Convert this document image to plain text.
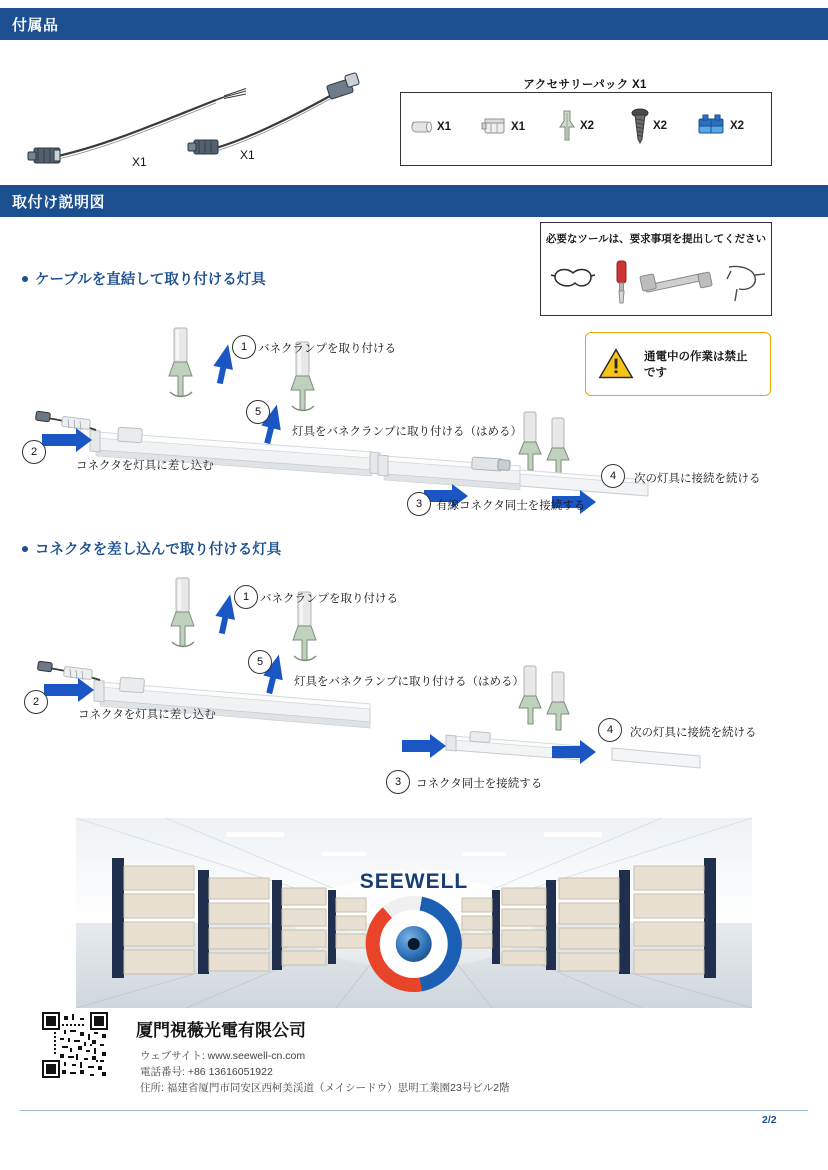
付属品
X1	X1
アクセサリーパック X1
X1	X1	X2	X2	X2
取付け説明図
必要なツールは、要求事項を提出してください
通電中の作業は禁止です
ケーブルを直結して取り付ける灯具
1 バネクランプを取り付ける
2
コネクタを灯具に差し込む
5
灯具をバネクランプに取り付ける（はめる）
3	有線コネクタ同士を接続する
4	次の灯具に接続を続ける
コネクタを差し込んで取り付ける灯具
1 バネクランプを取り付ける
2
コネクタを灯具に差し込む
5
灯具をバネクランプに取り付ける（はめる）
3	コネクタ同士を接続する
4	次の灯具に接続を続ける
SEEWELL
厦門視薇光電有限公司
ウェブサイト: www.seewell-cn.com
電話番号: +86 13616051922
住所: 福建省厦門市同安区西柯美渓道（メイシードウ）思明工業園23号ビル2階
2/2
